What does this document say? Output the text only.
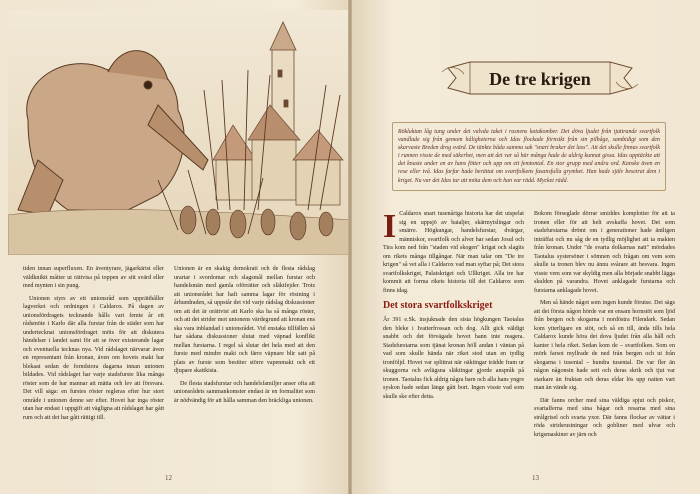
tiden innan superfluxen. En äventyrare, jägarkärist eller väldkniktt måtter ut rättvisa på toppen av sitt svärd eller med mynten i sin pung.

Unionen styrs av ett unionsråd som upprätthåller lagverket och ordningen i Caldarox. På dagen av unionsfördragets tecknande hålls vart femte år ett rådsmöte i Karlo där alla furstar från de städer som har undertecknat unionsfördraget möts för att diskutera händelser i landet samt för att se över existerande lagar och eventuella tecknas nya. Vid rådslaget närvarar även en representant från kronan, även om hovets makt har blekaat sedan de forndstora dagarna innan unionen bildades. Vid rådslaget har varje stadsfurste lika många röster som de har mannar att mätta och lev att försvara. Det vill säga: en furstes röster regleras efter hur stort område i unionen denne ser efter. Hovet har inga röster utan har endast i uppgift att vägligna att rådslaget har gått rum och att det har gått rättigt till.

Unionen är en skakig demokrati och de flesta rådslag urartar i svordomar och slagsmål mellan furstar och handelsmän med gamla oförrätter och släktfejder. Trots att unionsrådet har haft samma lagar för röstning i århundraden, så uppstår det vid varje rådslag diskussioner om att det är orättvist att Karlo ska ha så många röster, och att det strider mot unionens värdegrund att kronan ens ska vara inblandad i unionsrådet. Vid enstaka tillfällen så har sådana diskussioner slutat med väpnad konflikt mellan furstarna. I regel så slutar det hela med att den furste med mindre makt och färre väpnare blir satt på plats av furste som besitter större vapenmakt och ett djupare skattkista.

De flesta stadsfurstar och handelsfamiljer anser ofta att unionsrådets sammankomster endast är en formalitet som är nödvändig för att hålla samman den bräckliga unionen.

12

I Caldarox snart tusenåriga historia har det utspelat sig en uppsjö av bataljer, skärmytslingar och smärre. Högkungar, handelsfurstar, dvärgar, människor, svartfolk och alver har sedan Josul och Tira kom ned från "staden vid skogen" krigat och slagits om rikets många tillgångar. När man talar om "De tre krigen" så vet alla i Caldarox vad man syftar på; Det stora svartfolkskriget, Palatskriget och Ullkriget. Alla tre har kommit att forma rikets historia till det Caldarox som finns idag.

Det stora svartfolkskriget

År 391 e.Sk. insjuknade den sista högkungen Taotalus den bleke i Ivatterfrossan och dog. Allt gick väldigt snabbt och det förvägade hovet hann inte reagera. Stadsfurstarna som tjänat kronan höll andan i väntan på vad som skulle hända när riket stod utan en tydlig tronföljd. Hovet var splittrat när oäktingar trädde fram ur skuggorna och avlägsna släktingar gjorde anspråk på tronen. Taotalus fick aldrig några barn och alla hans yngre syskon hade sedan länge gått bort. Ingen visste vad som skulle ske efter detta.

Bokom förseglade dörrar smiddes komplotter för att ta tronen eller för att helt avskaffa hovet. Det som stadsfurstarna drömt om i generationer hade äntligen inträffat och nu såg de en tydlig möjlighet att ta makten från kronan. Under "de svarta dolkarnas natt" mördades Taotalus systersöner i sömnen och frågan om vem som skulle ta tronen blev nu ännu svårare att besvara. Ingen visste vem som var skyldig men alla började snabbt lägga skulden på varandra. Hovet anklagade furstarna och furstarna anklagade hovet.

Men så hände något som ingen kunde förutse. Det sägs att det första någon hörde var en ensam hornstöt som ljöd från bergen och skogarna i nordöstra Filendark. Sedan kom ytterligare en stöt, och så en till, ända tills hela Caldarox kunde höra det dova ljudet från alla håll och kanter i hela riket. Sedan kom de – svartfolken. Som en mörk farsot myllrade de ned från bergen och ut från skogarna i tusental – hundra tusental. De var fler än någon någonsin hade sett och deras skrik och tjut var starkare än fruktan och deras eldar lös upp natten vart man än vände sig.

Där fanns orcher med sina väldiga spjut och piskor, svartalferna med sina bågar och resarna med sina strålgrisel och svarta yxor. Där fanns flockar av vättar i röda stridsrustningar och gobliner med ulvar och krigsmaskiner av järn och

13
De tre krigen
Rökluktan låg tung under det valvda taket i rusnens katakomber. Det döva ljudet från tjattrande svartfolk vandlade sig från gemom håligheterna och Idas flockade förnsikt från sin pilbåge, sambidigt som den skarvaste Breden drog svärd. De tänkte båda samma sak "snart braker det lass". Att det skulle finnas svartfolk i runnen visste de med säkerhet, men att det var så här många hade de aldrig kunnat gissa. Idas upptäckte att det knaste under en av hans fötter och upp om ett femtontal. En stor grupp med andra ord. Kanske även en rese eller två. Idas farfar hade berättat om svartfolkens fasansfulla grymhet. Han hade själv besetrat dem i kriget. Nu var det Idas tur att möta dem och han var rädd. Mycket rädd.
